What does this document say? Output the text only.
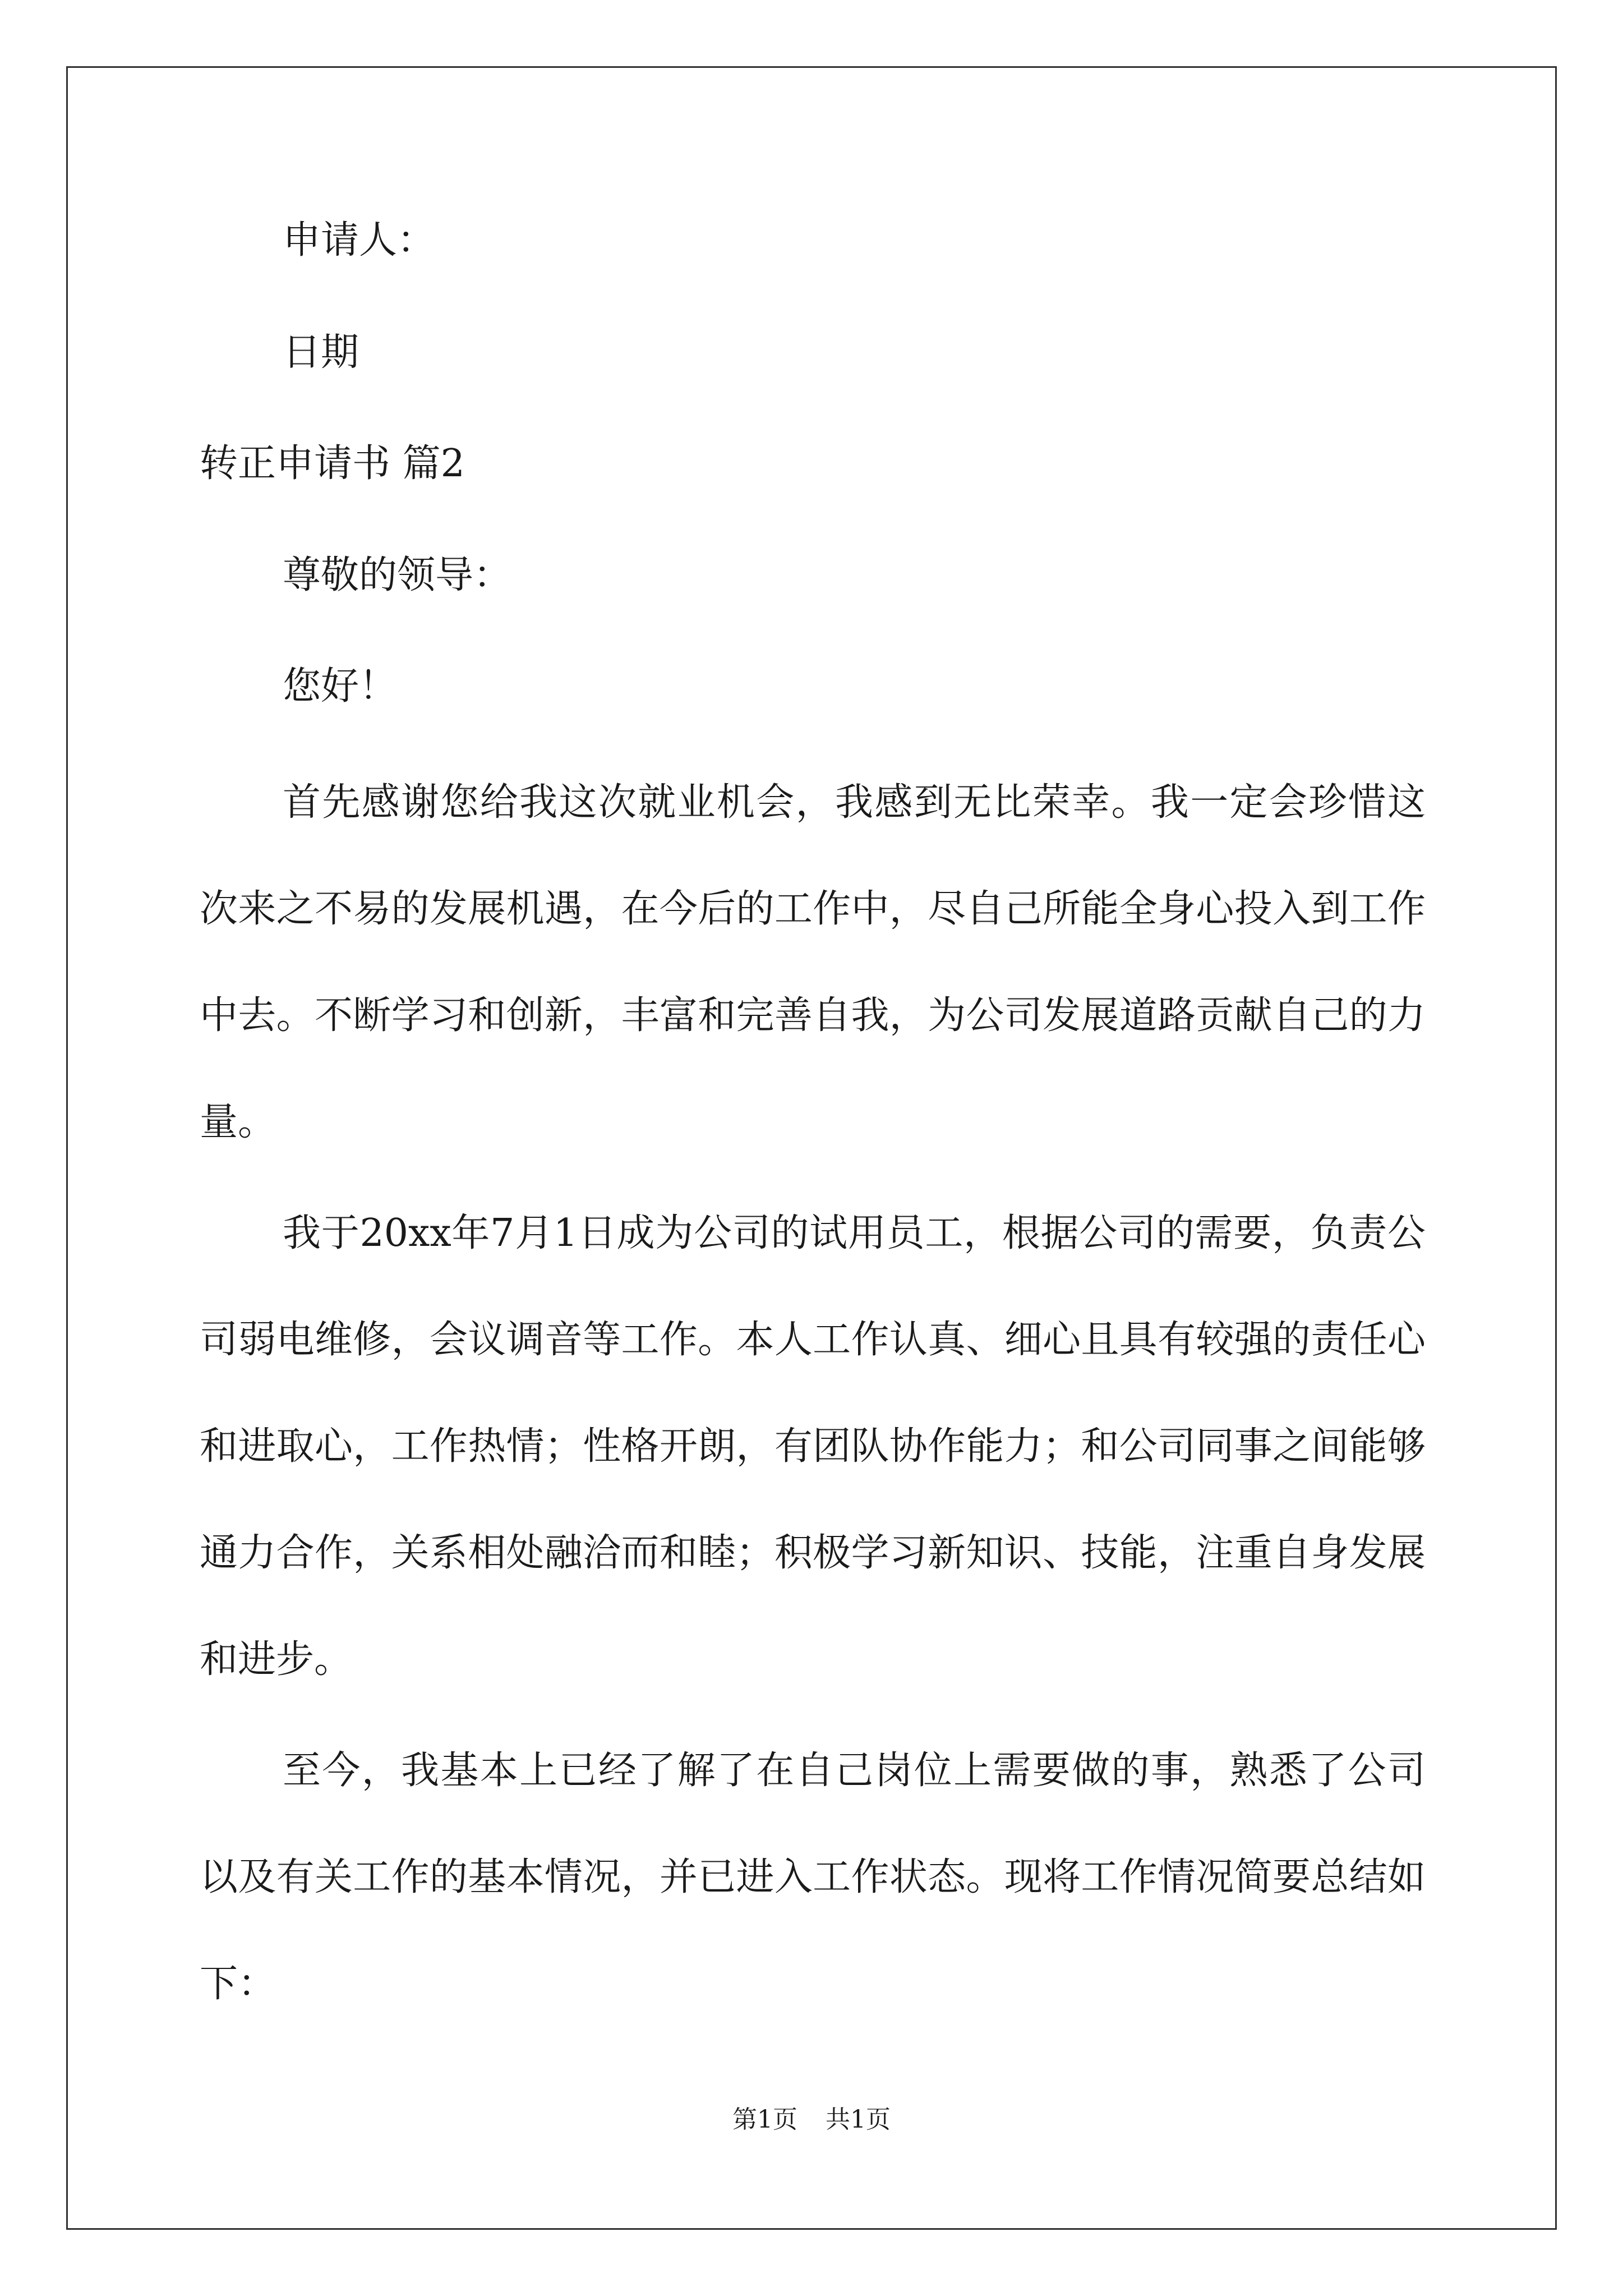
申请人：
日期
转正申请书 篇2
尊敬的领导：
您好！

首先感谢您给我这次就业机会，我感到无比荣幸。我一定会珍惜这次来之不易的发展机遇，在今后的工作中，尽自己所能全身心投入到工作中去。不断学习和创新，丰富和完善自我，为公司发展道路贡献自己的力量。

我于20xx年7月1日成为公司的试用员工，根据公司的需要，负责公司弱电维修，会议调音等工作。本人工作认真、细心且具有较强的责任心和进取心，工作热情；性格开朗，有团队协作能力；和公司同事之间能够通力合作，关系相处融洽而和睦；积极学习新知识、技能，注重自身发展和进步。

至今，我基本上已经了解了在自己岗位上需要做的事，熟悉了公司以及有关工作的基本情况，并已进入工作状态。现将工作情况简要总结如下：

第1页 共1页
